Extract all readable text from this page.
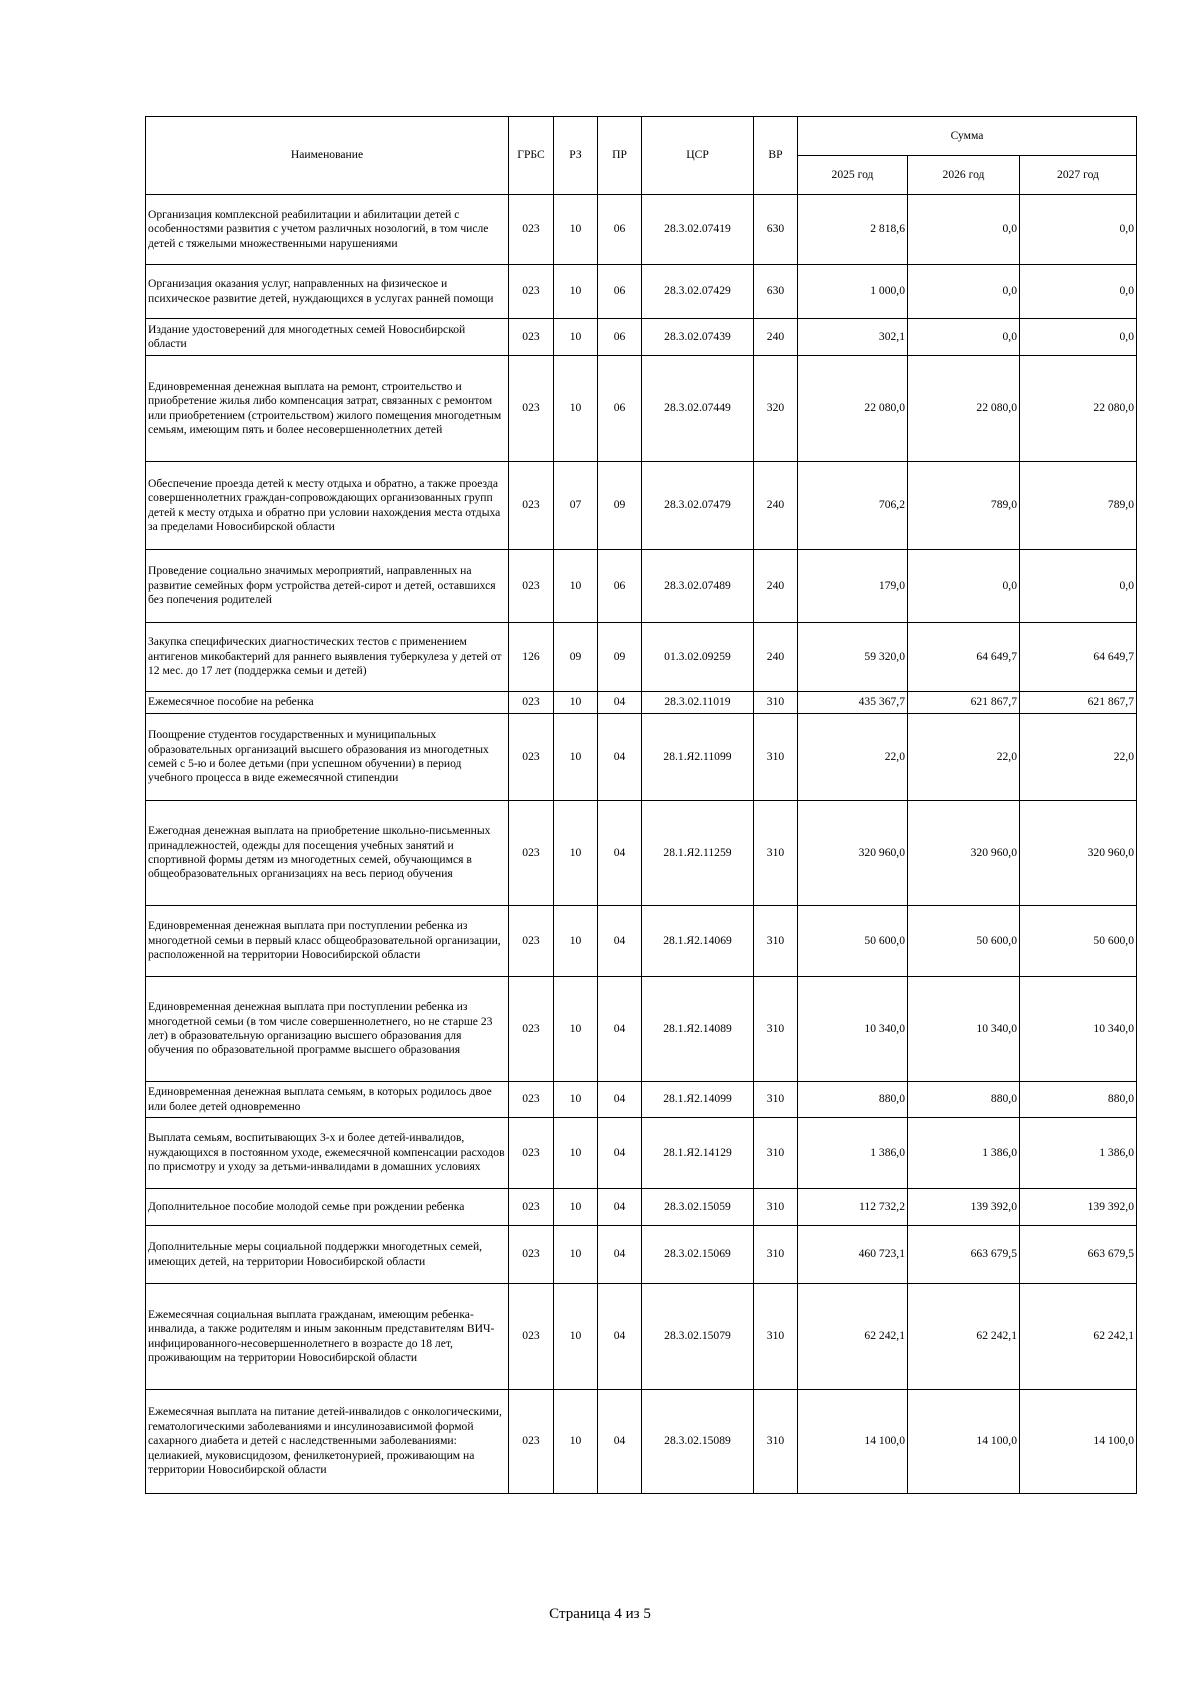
Наименование	ГРБС	РЗ	ПР	ЦСР	ВР	Сумма		
						2025 год	2026 год	2027 год
Организация комплексной реабилитации и абилитации детей с особенностями развития с учетом различных нозологий, в том числе детей с тяжелыми множественными нарушениями	023	10	06	28.3.02.07419	630	2 818,6	0,0	0,0
Организация оказания услуг, направленных на физическое и психическое развитие детей, нуждающихся в услугах ранней помощи	023	10	06	28.3.02.07429	630	1 000,0	0,0	0,0
Издание удостоверений для многодетных семей Новосибирской области	023	10	06	28.3.02.07439	240	302,1	0,0	0,0
Единовременная денежная выплата на ремонт, строительство и приобретение жилья либо компенсация затрат, связанных с ремонтом или приобретением (строительством) жилого помещения многодетным семьям, имеющим пять и более несовершеннолетних детей	023	10	06	28.3.02.07449	320	22 080,0	22 080,0	22 080,0
Обеспечение проезда детей к месту отдыха и обратно, а также проезда совершеннолетних граждан-сопровождающих организованных групп детей к месту отдыха и обратно при условии нахождения места отдыха за пределами Новосибирской области	023	07	09	28.3.02.07479	240	706,2	789,0	789,0
Проведение социально значимых мероприятий, направленных на развитие семейных форм устройства детей-сирот и детей, оставшихся без попечения родителей	023	10	06	28.3.02.07489	240	179,0	0,0	0,0
Закупка специфических диагностических тестов с применением антигенов микобактерий для раннего выявления туберкулеза у детей от 12 мес. до 17 лет (поддержка семьи и детей)	126	09	09	01.3.02.09259	240	59 320,0	64 649,7	64 649,7
Ежемесячное пособие на ребенка	023	10	04	28.3.02.11019	310	435 367,7	621 867,7	621 867,7
Поощрение студентов государственных и муниципальных образовательных организаций высшего образования из многодетных семей с 5-ю и более детьми (при успешном обучении) в период учебного процесса в виде ежемесячной стипендии	023	10	04	28.1.Я2.11099	310	22,0	22,0	22,0
Ежегодная денежная выплата на приобретение школьно-письменных принадлежностей, одежды для посещения учебных занятий и спортивной формы детям из многодетных семей, обучающимся в общеобразовательных организациях на весь период обучения	023	10	04	28.1.Я2.11259	310	320 960,0	320 960,0	320 960,0
Единовременная денежная выплата при поступлении ребенка из многодетной семьи в первый класс общеобразовательной организации, расположенной на территории Новосибирской области	023	10	04	28.1.Я2.14069	310	50 600,0	50 600,0	50 600,0
Единовременная денежная выплата при поступлении ребенка из многодетной семьи (в том числе совершеннолетнего, но не старше 23 лет) в образовательную организацию высшего образования для обучения по образовательной программе высшего образования	023	10	04	28.1.Я2.14089	310	10 340,0	10 340,0	10 340,0
Единовременная денежная выплата семьям, в которых родилось двое или более детей одновременно	023	10	04	28.1.Я2.14099	310	880,0	880,0	880,0
Выплата семьям, воспитывающих 3-х и более детей-инвалидов, нуждающихся в постоянном уходе, ежемесячной компенсации расходов по присмотру и уходу за детьми-инвалидами в домашних условиях	023	10	04	28.1.Я2.14129	310	1 386,0	1 386,0	1 386,0
Дополнительное пособие молодой семье при рождении ребенка	023	10	04	28.3.02.15059	310	112 732,2	139 392,0	139 392,0
Дополнительные меры социальной поддержки многодетных семей, имеющих детей, на территории Новосибирской области	023	10	04	28.3.02.15069	310	460 723,1	663 679,5	663 679,5
Ежемесячная социальная выплата гражданам, имеющим ребенка-инвалида, а также родителям и иным законным представителям ВИЧ-инфицированного-несовершеннолетнего в возрасте до 18 лет, проживающим на территории Новосибирской области	023	10	04	28.3.02.15079	310	62 242,1	62 242,1	62 242,1
Ежемесячная выплата на питание детей-инвалидов с онкологическими, гематологическими заболеваниями и инсулинозависимой формой сахарного диабета и детей с наследственными заболеваниями: целиакией, муковисцидозом, фенилкетонурией, проживающим на территории Новосибирской области	023	10	04	28.3.02.15089	310	14 100,0	14 100,0	14 100,0
Страница 4 из 5
